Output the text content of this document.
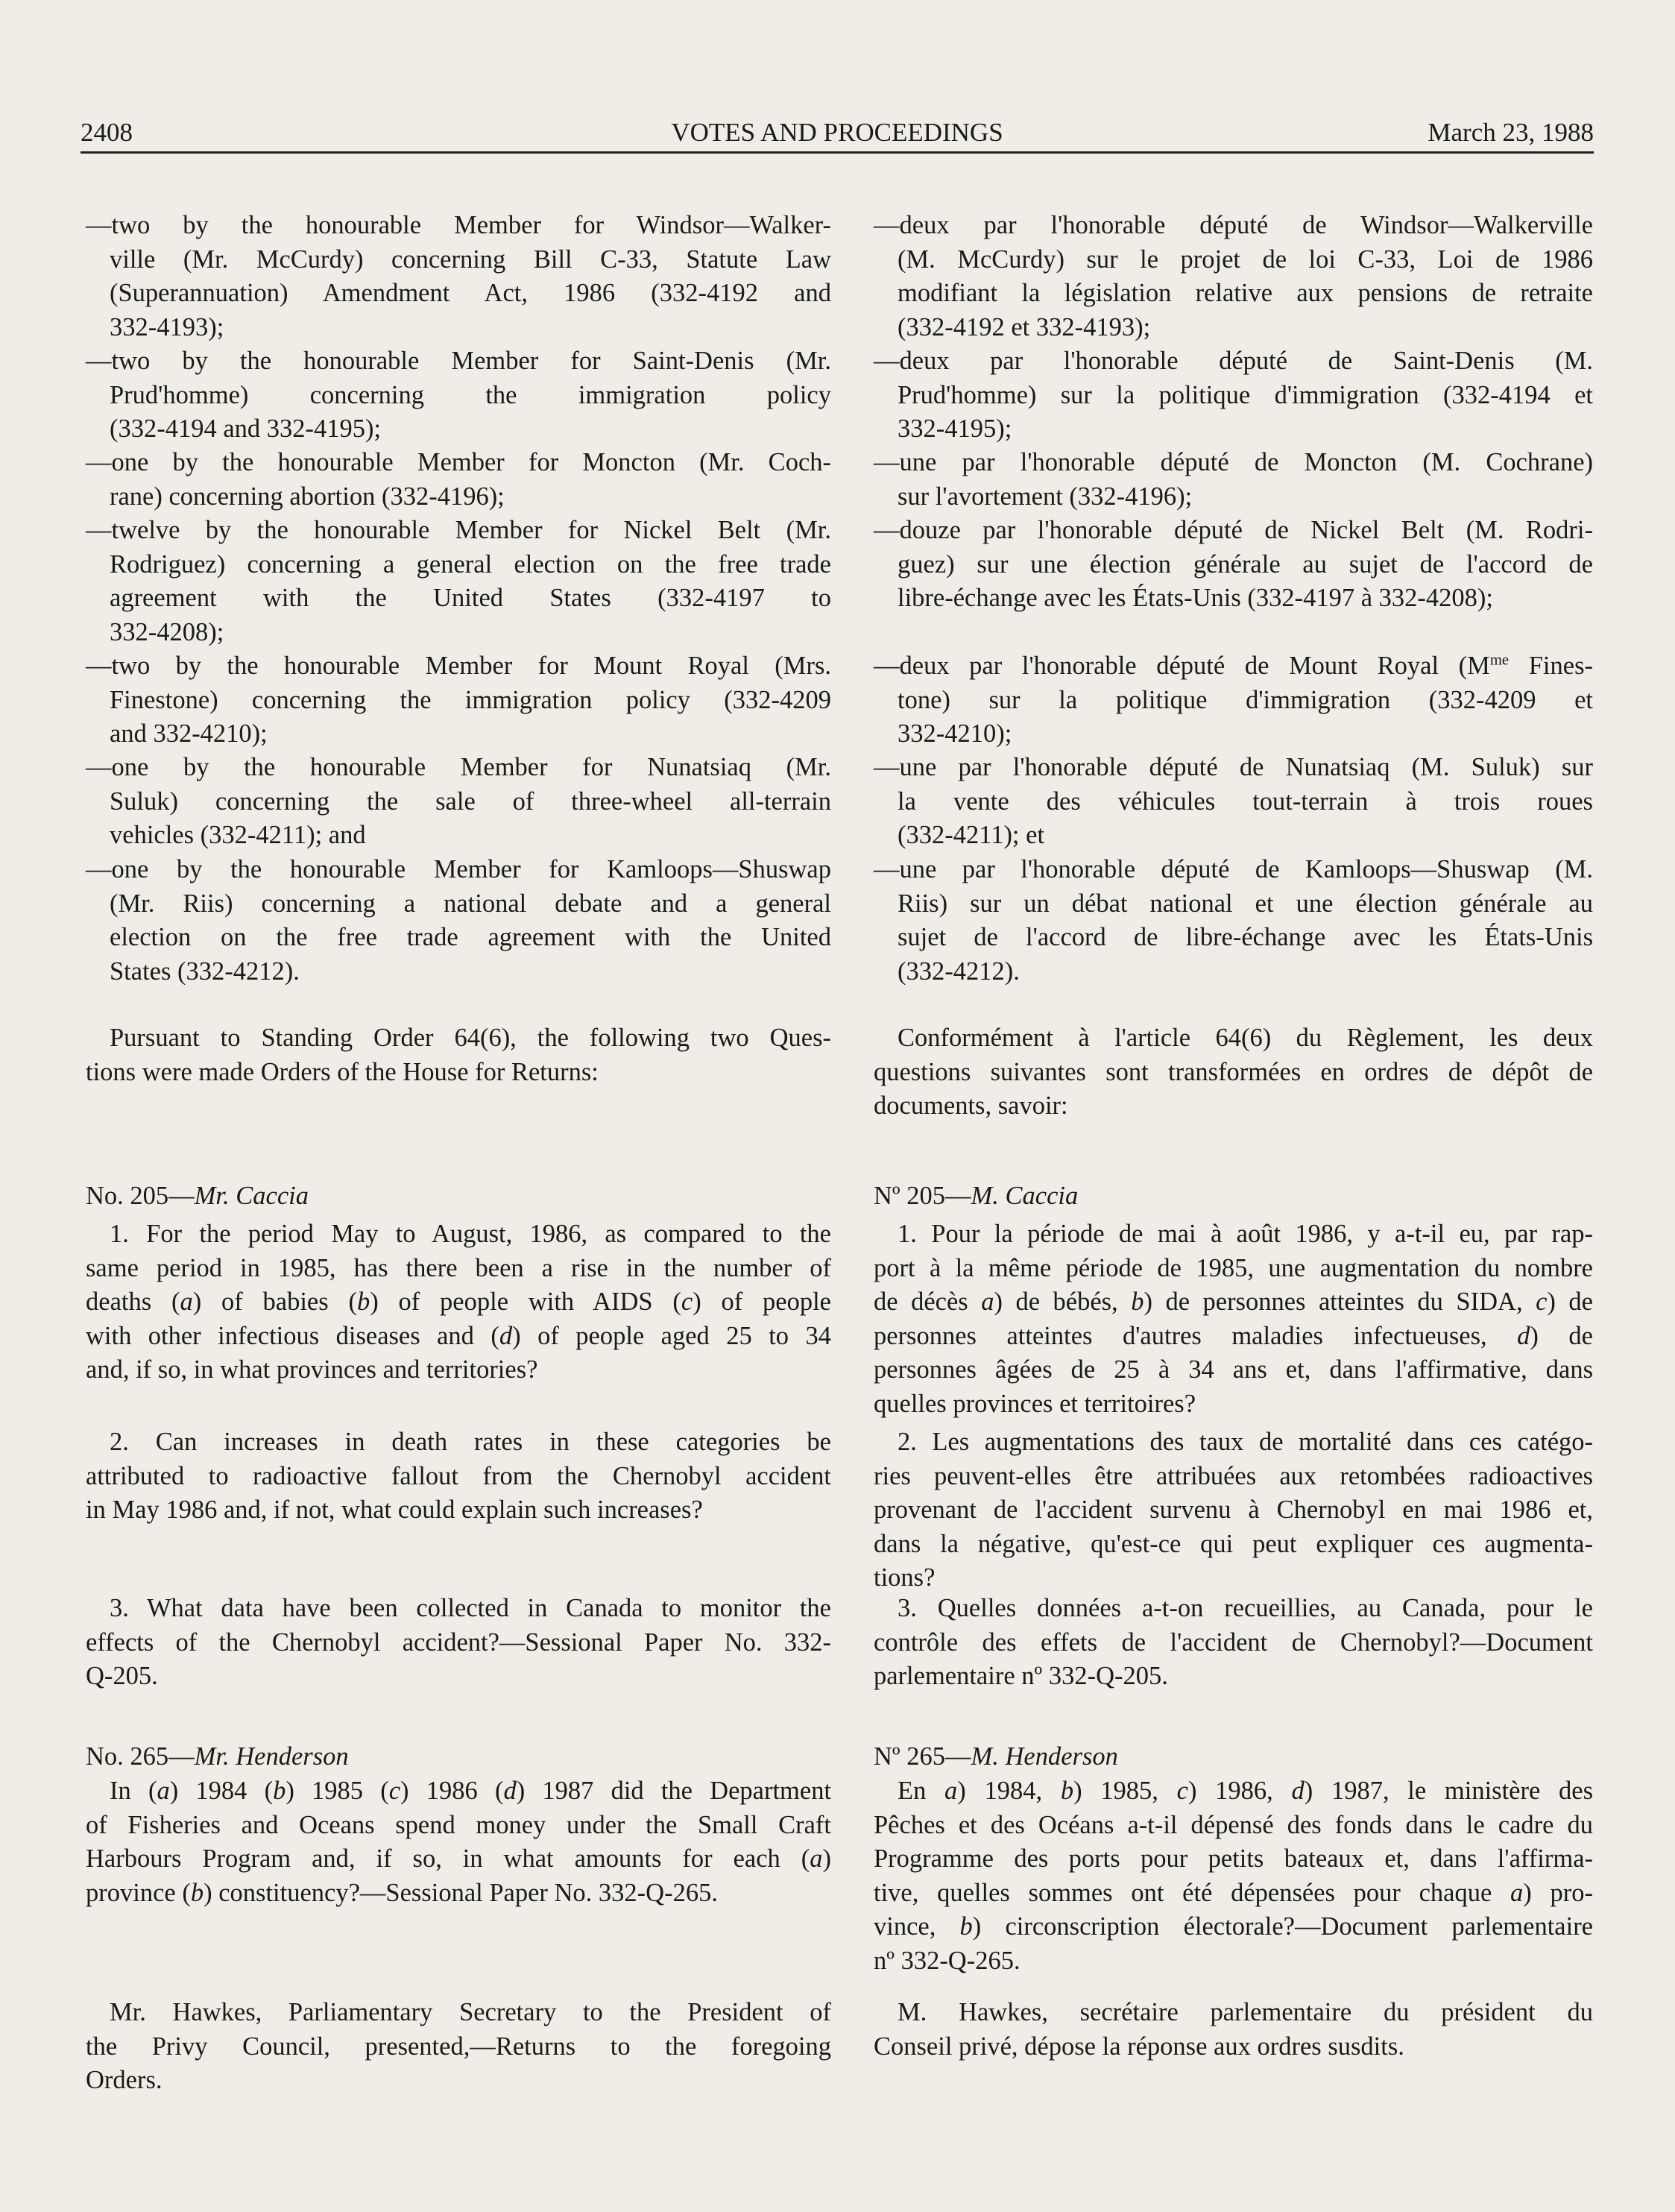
2408	VOTES AND PROCEEDINGS	March 23, 1988
—two by the honourable Member for Windsor—Walker-
ville (Mr. McCurdy) concerning Bill C-33, Statute Law
(Superannuation) Amendment Act, 1986 (332-4192 and
332-4193);
—two by the honourable Member for Saint-Denis (Mr.
Prud'homme) concerning the immigration policy
(332-4194 and 332-4195);
—one by the honourable Member for Moncton (Mr. Coch-
rane) concerning abortion (332-4196);
—twelve by the honourable Member for Nickel Belt (Mr.
Rodriguez) concerning a general election on the free trade
agreement with the United States (332-4197 to
332-4208);
—two by the honourable Member for Mount Royal (Mrs.
Finestone) concerning the immigration policy (332-4209
and 332-4210);
—one by the honourable Member for Nunatsiaq (Mr.
Suluk) concerning the sale of three-wheel all-terrain
vehicles (332-4211); and
—one by the honourable Member for Kamloops—Shuswap
(Mr. Riis) concerning a national debate and a general
election on the free trade agreement with the United
States (332-4212).
Pursuant to Standing Order 64(6), the following two Ques-
tions were made Orders of the House for Returns:
No. 205—Mr. Caccia
1. For the period May to August, 1986, as compared to the
same period in 1985, has there been a rise in the number of
deaths (a) of babies (b) of people with AIDS (c) of people
with other infectious diseases and (d) of people aged 25 to 34
and, if so, in what provinces and territories?
2. Can increases in death rates in these categories be
attributed to radioactive fallout from the Chernobyl accident
in May 1986 and, if not, what could explain such increases?
3. What data have been collected in Canada to monitor the
effects of the Chernobyl accident?—Sessional Paper No. 332-
Q-205.
No. 265—Mr. Henderson
In (a) 1984 (b) 1985 (c) 1986 (d) 1987 did the Department
of Fisheries and Oceans spend money under the Small Craft
Harbours Program and, if so, in what amounts for each (a)
province (b) constituency?—Sessional Paper No. 332-Q-265.
Mr. Hawkes, Parliamentary Secretary to the President of
the Privy Council, presented,—Returns to the foregoing
Orders.
—deux par l'honorable député de Windsor—Walkerville
(M. McCurdy) sur le projet de loi C-33, Loi de 1986
modifiant la législation relative aux pensions de retraite
(332-4192 et 332-4193);
—deux par l'honorable député de Saint-Denis (M.
Prud'homme) sur la politique d'immigration (332-4194 et
332-4195);
—une par l'honorable député de Moncton (M. Cochrane)
sur l'avortement (332-4196);
—douze par l'honorable député de Nickel Belt (M. Rodri-
guez) sur une élection générale au sujet de l'accord de
libre-échange avec les États-Unis (332-4197 à 332-4208);
—deux par l'honorable député de Mount Royal ($M^{me}$ Fines-
tone) sur la politique d'immigration (332-4209 et
332-4210);
—une par l'honorable député de Nunatsiaq (M. Suluk) sur
la vente des véhicules tout-terrain à trois roues
(332-4211); et
—une par l'honorable député de Kamloops—Shuswap (M.
Riis) sur un débat national et une élection générale au
sujet de l'accord de libre-échange avec les États-Unis
(332-4212).
Conformément à l'article 64(6) du Règlement, les deux
questions suivantes sont transformées en ordres de dépôt de
documents, savoir:
Nº 205—M. Caccia
1. Pour la période de mai à août 1986, y a-t-il eu, par rap-
port à la même période de 1985, une augmentation du nombre
de décès a) de bébés, b) de personnes atteintes du SIDA, c) de
personnes atteintes d'autres maladies infectueuses, d) de
personnes âgées de 25 à 34 ans et, dans l'affirmative, dans
quelles provinces et territoires?
2. Les augmentations des taux de mortalité dans ces catégo-
ries peuvent-elles être attribuées aux retombées radioactives
provenant de l'accident survenu à Chernobyl en mai 1986 et,
dans la négative, qu'est-ce qui peut expliquer ces augmenta-
tions?
3. Quelles données a-t-on recueillies, au Canada, pour le
contrôle des effets de l'accident de Chernobyl?—Document
parlementaire nº 332-Q-205.
Nº 265—M. Henderson
En a) 1984, b) 1985, c) 1986, d) 1987, le ministère des
Pêches et des Océans a-t-il dépensé des fonds dans le cadre du
Programme des ports pour petits bateaux et, dans l'affirma-
tive, quelles sommes ont été dépensées pour chaque a) pro-
vince, b) circonscription électorale?—Document parlementaire
nº 332-Q-265.
M. Hawkes, secrétaire parlementaire du président du
Conseil privé, dépose la réponse aux ordres susdits.
